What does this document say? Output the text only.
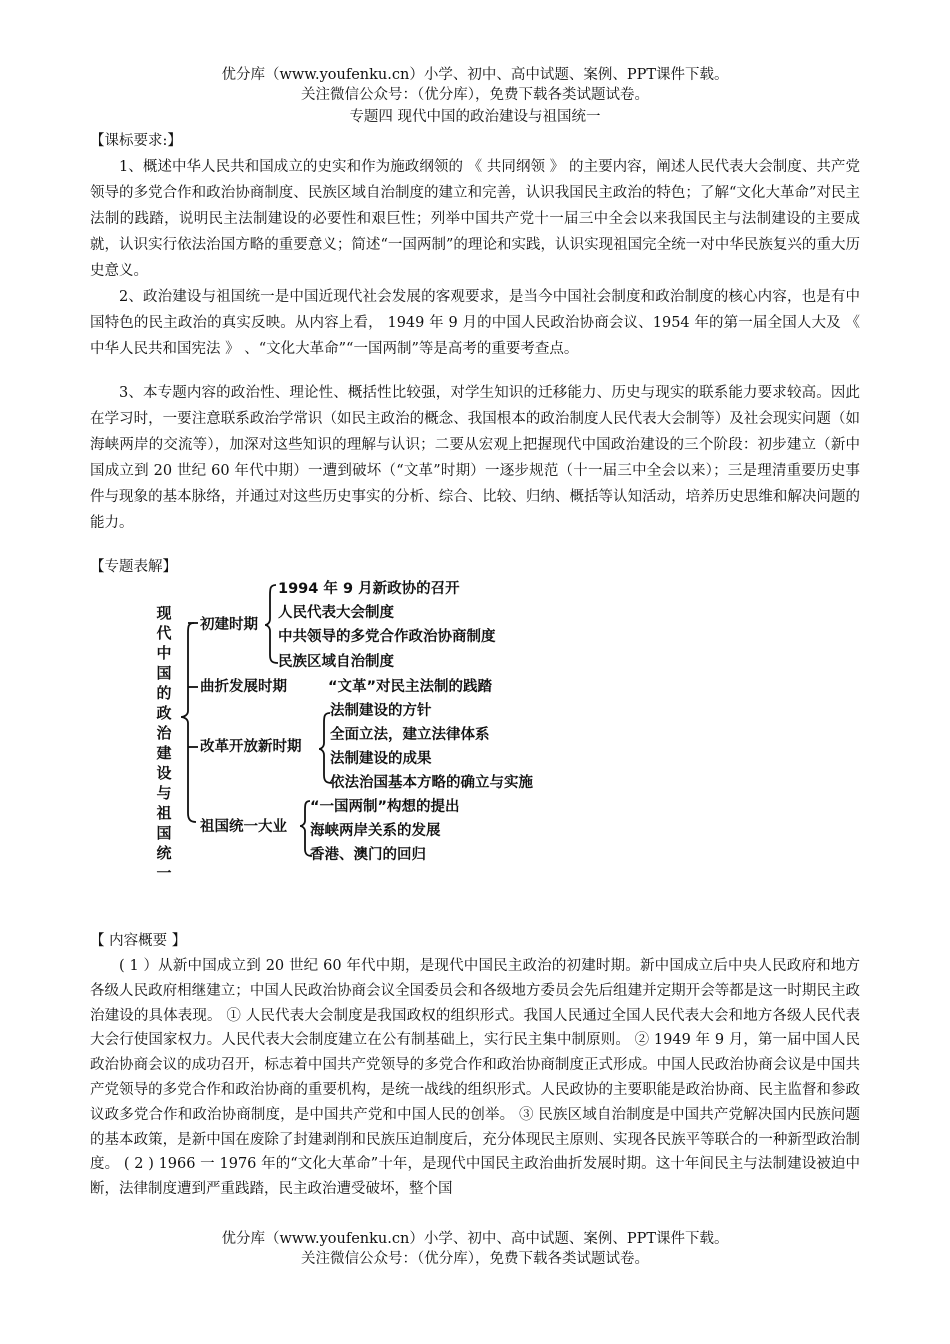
优分库（www.youfenku.cn）小学、初中、高中试题、案例、PPT课件下载。
关注微信公众号：（优分库），免费下载各类试题试卷。
专题四 现代中国的政治建设与祖国统一
【课标要求:】
1、概述中华人民共和国成立的史实和作为施政纲领的 《 共同纲领 》 的主要内容，阐述人民代表大会制度、共产党领导的多党合作和政治协商制度、民族区域自治制度的建立和完善，认识我国民主政治的特色；了解“文化大革命”对民主法制的践踏，说明民主法制建设的必要性和艰巨性；列举中国共产党十一届三中全会以来我国民主与法制建设的主要成就，认识实行依法治国方略的重要意义；简述“一国两制”的理论和实践，认识实现祖国完全统一对中华民族复兴的重大历史意义。
2、政治建设与祖国统一是中国近现代社会发展的客观要求，是当今中国社会制度和政治制度的核心内容，也是有中国特色的民主政治的真实反映。从内容上看， 1949 年 9 月的中国人民政治协商会议、1954 年的第一届全国人大及 《 中华人民共和国宪法 》 、“文化大革命”“一国两制”等是高考的重要考查点。
3、本专题内容的政治性、理论性、概括性比较强，对学生知识的迁移能力、历史与现实的联系能力要求较高。因此在学习时，一要注意联系政治学常识（如民主政治的概念、我国根本的政治制度人民代表大会制等）及社会现实问题（如海峡两岸的交流等），加深对这些知识的理解与认识；二要从宏观上把握现代中国政治建设的三个阶段：初步建立（新中国成立到 20 世纪 60 年代中期）一遭到破坏（“文革”时期）一逐步规范（十一届三中全会以来）；三是理清重要历史事件与现象的基本脉络，并通过对这些历史事实的分析、综合、比较、归纳、概括等认知活动，培养历史思维和解决问题的能力。
【专题表解】
现代中国的政治建设与祖国统一
初建时期
曲折发展时期
改革开放新时期
祖国统一大业
1994 年 9 月新政协的召开
人民代表大会制度
中共领导的多党合作政治协商制度
民族区域自治制度
“文革”对民主法制的践踏
法制建设的方针
全面立法，建立法律体系
法制建设的成果
依法治国基本方略的确立与实施
“一国两制”构想的提出
海峡两岸关系的发展
香港、澳门的回归
【 内容概要 】
( 1 ）从新中国成立到 20 世纪 60 年代中期，是现代中国民主政治的初建时期。新中国成立后中央人民政府和地方各级人民政府相继建立；中国人民政治协商会议全国委员会和各级地方委员会先后组建并定期开会等都是这一时期民主政治建设的具体表现。 ① 人民代表大会制度是我国政权的组织形式。我国人民通过全国人民代表大会和地方各级人民代表大会行使国家权力。人民代表大会制度建立在公有制基础上，实行民主集中制原则。 ② 1949 年 9 月，第一届中国人民政治协商会议的成功召开，标志着中国共产党领导的多党合作和政治协商制度正式形成。中国人民政治协商会议是中国共产党领导的多党合作和政治协商的重要机构，是统一战线的组织形式。人民政协的主要职能是政治协商、民主监督和参政议政多党合作和政治协商制度，是中国共产党和中国人民的创举。 ③ 民族区域自治制度是中国共产党解决国内民族问题的基本政策，是新中国在废除了封建剥削和民族压迫制度后，充分体现民主原则、实现各民族平等联合的一种新型政治制度。 ( 2 ) 1966 一 1976 年的“文化大革命”十年，是现代中国民主政治曲折发展时期。这十年间民主与法制建设被迫中断，法律制度遭到严重践踏，民主政治遭受破坏，整个国
优分库（www.youfenku.cn）小学、初中、高中试题、案例、PPT课件下载。
关注微信公众号：（优分库），免费下载各类试题试卷。
